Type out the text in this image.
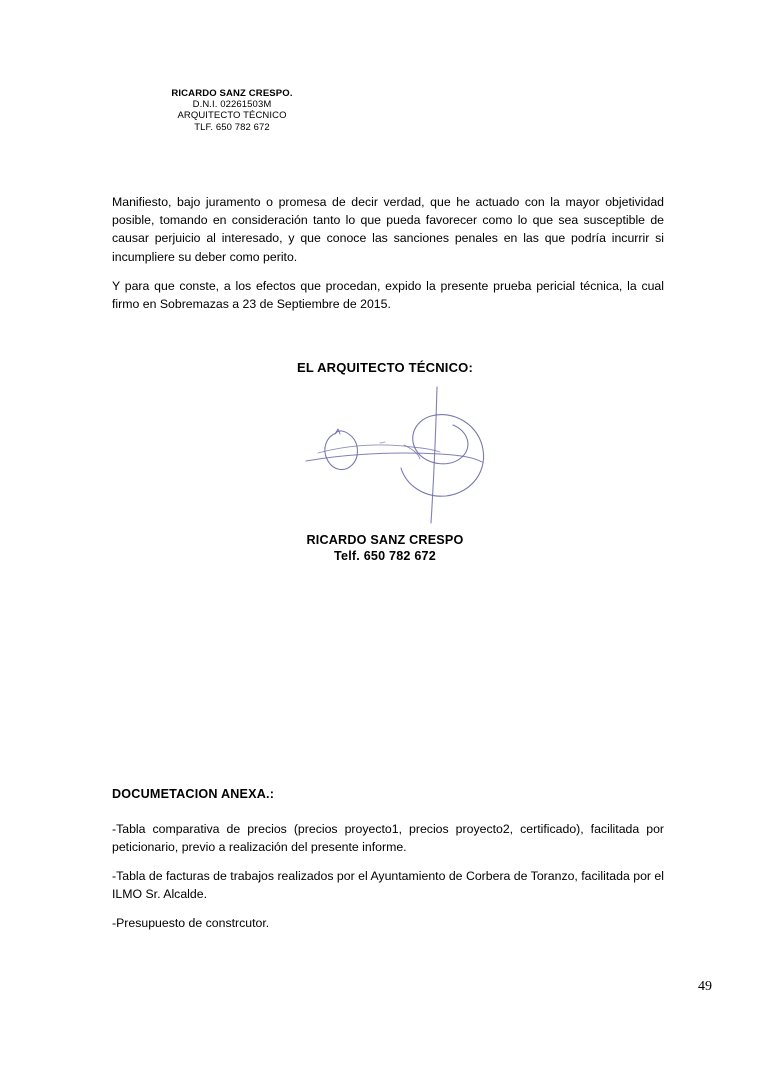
RICARDO SANZ CRESPO.
D.N.I. 02261503M
ARQUITECTO TÉCNICO
TLF. 650 782 672

Manifiesto, bajo juramento o promesa de decir verdad, que he actuado con la mayor objetividad posible, tomando en consideración tanto lo que pueda favorecer como lo que sea susceptible de causar perjuicio al interesado, y que conoce las sanciones penales en las que podría incurrir si incumpliere su deber como perito.

Y para que conste, a los efectos que procedan, expido la presente prueba pericial técnica, la cual firmo en Sobremazas a 23 de Septiembre de 2015.

EL ARQUITECTO TÉCNICO:
RICARDO SANZ CRESPO
Telf. 650 782 672
DOCUMETACION ANEXA.:
-Tabla comparativa de precios (precios proyecto1, precios proyecto2, certificado), facilitada por peticionario, previo a realización del presente informe.
-Tabla de facturas de trabajos realizados por el Ayuntamiento de Corbera de Toranzo, facilitada por el ILMO Sr. Alcalde.
-Presupuesto de constrcutor.
49
